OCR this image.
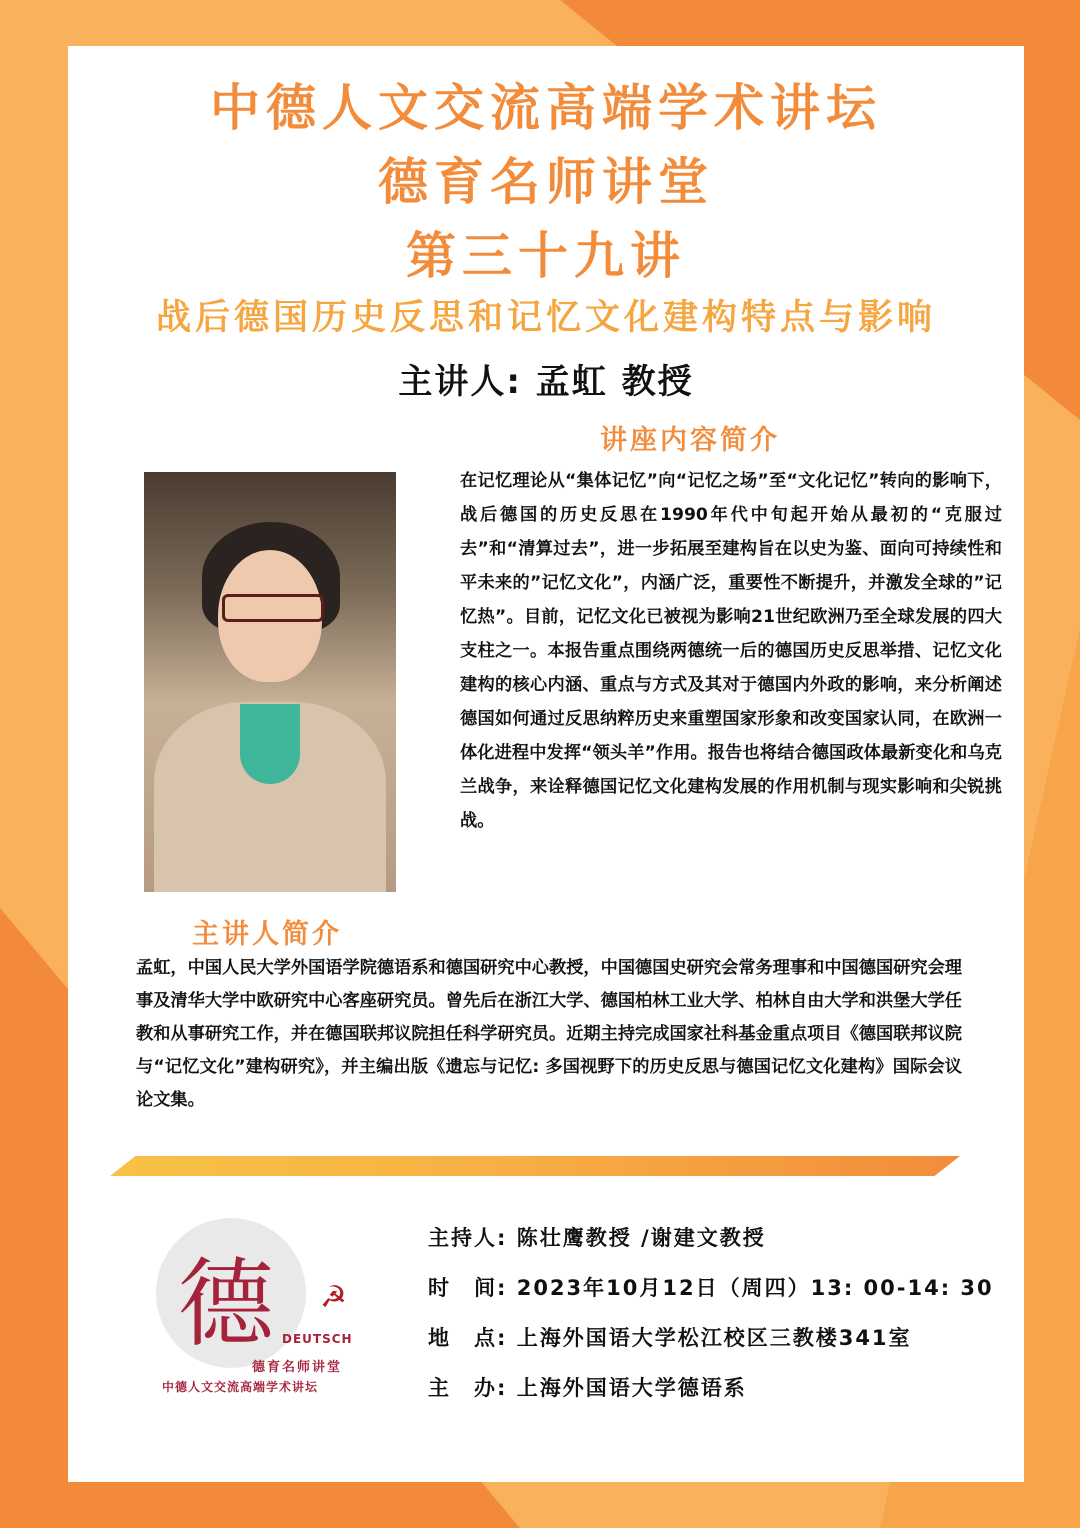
中德人文交流高端学术讲坛
德育名师讲堂
第三十九讲
战后德国历史反思和记忆文化建构特点与影响
主讲人: 孟虹 教授
讲座内容简介
在记忆理论从“集体记忆”向“记忆之场”至“文化记忆”转向的影响下，战后德国的历史反思在1990年代中旬起开始从最初的“克服过去”和“清算过去”，进一步拓展至建构旨在以史为鉴、面向可持续性和平未来的”记忆文化”，内涵广泛，重要性不断提升，并激发全球的”记忆热”。目前，记忆文化已被视为影响21世纪欧洲乃至全球发展的四大支柱之一。本报告重点围绕两德统一后的德国历史反思举措、记忆文化建构的核心内涵、重点与方式及其对于德国内外政的影响，来分析阐述德国如何通过反思纳粹历史来重塑国家形象和改变国家认同，在欧洲一体化进程中发挥“领头羊”作用。报告也将结合德国政体最新变化和乌克兰战争，来诠释德国记忆文化建构发展的作用机制与现实影响和尖锐挑战。
主讲人简介
孟虹，中国人民大学外国语学院德语系和德国研究中心教授，中国德国史研究会常务理事和中国德国研究会理事及清华大学中欧研究中心客座研究员。曾先后在浙江大学、德国柏林工业大学、柏林自由大学和洪堡大学任教和从事研究工作，并在德国联邦议院担任科学研究员。近期主持完成国家社科基金重点项目《德国联邦议院与“记忆文化”建构研究》，并主编出版《遗忘与记忆: 多国视野下的历史反思与德国记忆文化建构》国际会议论文集。
德 ☭
DEUTSCH
德育名师讲堂
中德人文交流高端学术讲坛
主持人: 陈壮鹰教授 /谢建文教授
时　间: 2023年10月12日（周四）13: 00-14: 30
地　点: 上海外国语大学松江校区三教楼341室
主　办: 上海外国语大学德语系
